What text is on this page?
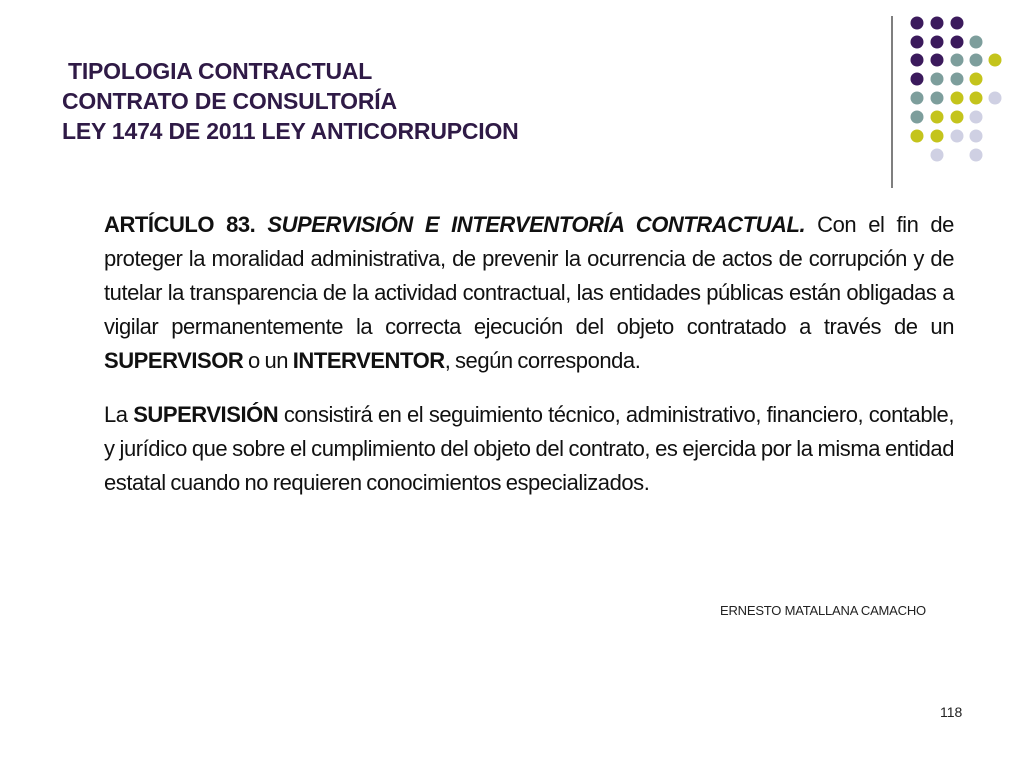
TIPOLOGIA CONTRACTUAL
CONTRATO DE CONSULTORÍA
LEY 1474 DE 2011 LEY ANTICORRUPCION

ARTÍCULO 83. SUPERVISIÓN E INTERVENTORÍA CONTRACTUAL. Con el fin de proteger la moralidad administrativa, de prevenir la ocurrencia de actos de corrupción y de tutelar la transparencia de la actividad contractual, las entidades públicas están obligadas a vigilar permanentemente la correcta ejecución del objeto contratado a través de un SUPERVISOR o un INTERVENTOR, según corresponda.

La SUPERVISIÓN consistirá en el seguimiento técnico, administrativo, financiero, contable, y jurídico que sobre el cumplimiento del objeto del contrato, es ejercida por la misma entidad estatal cuando no requieren conocimientos especializados.

ERNESTO MATALLANA CAMACHO
118
